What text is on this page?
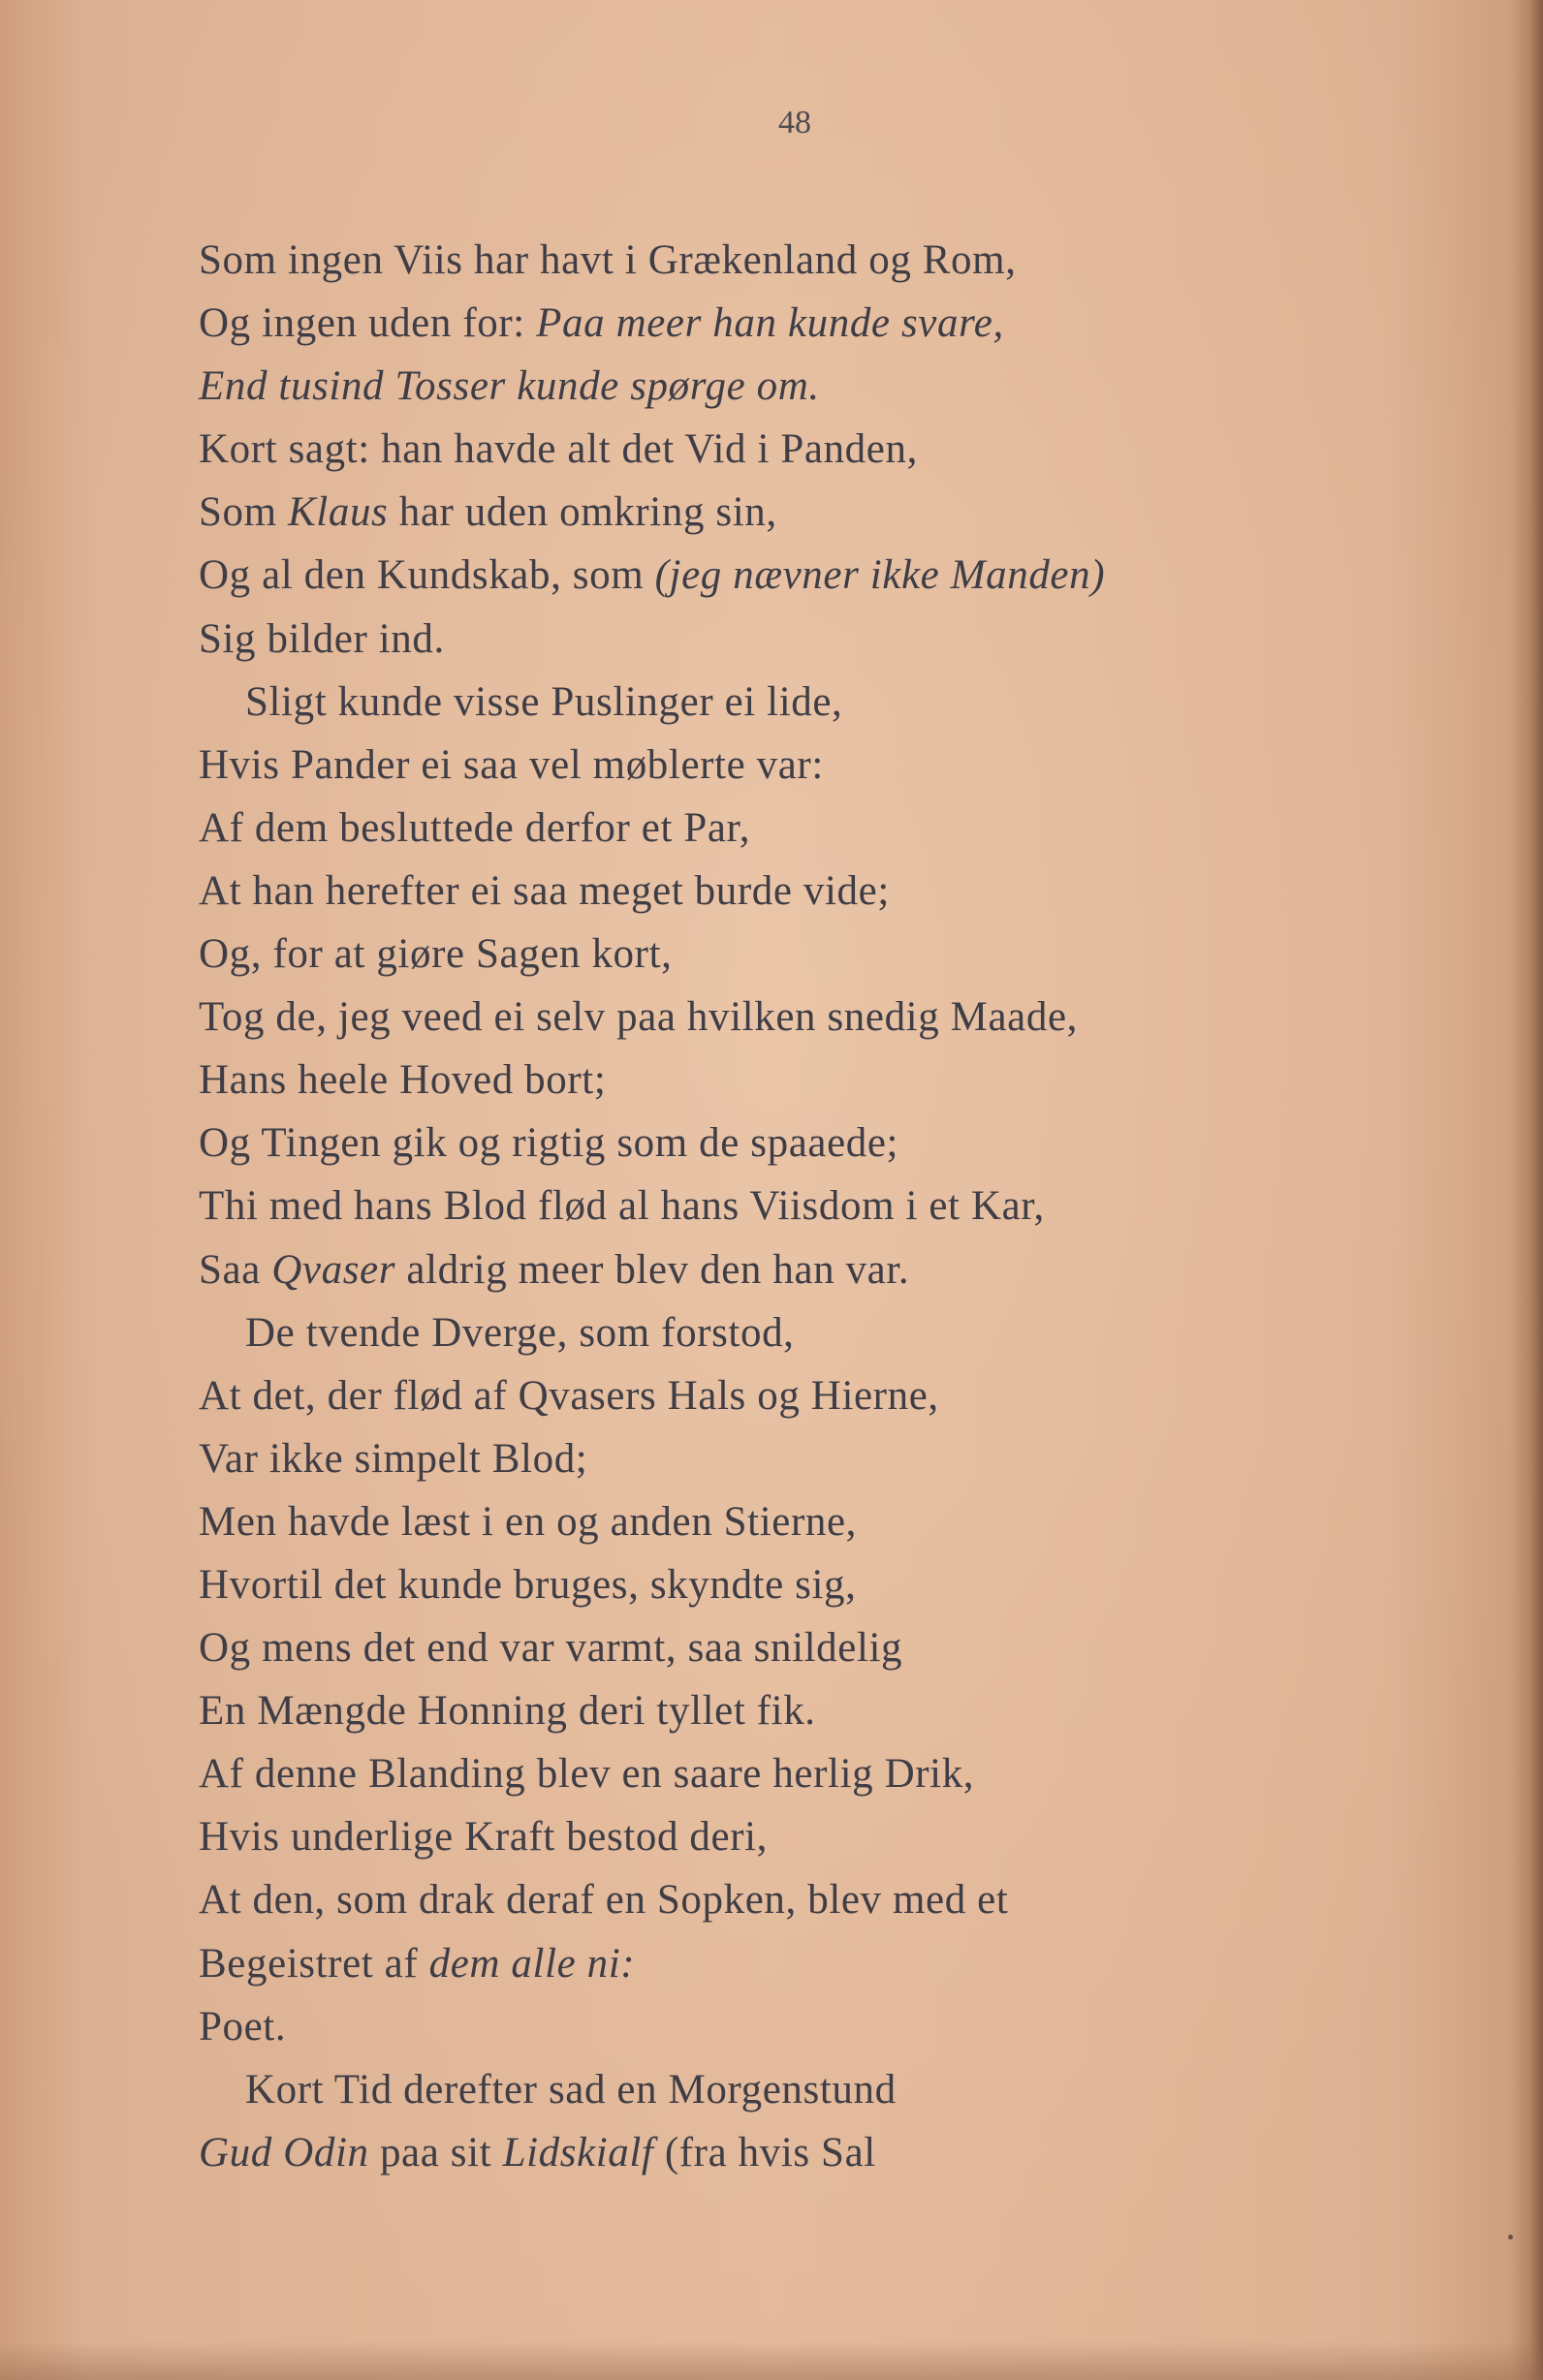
48
Som ingen Viis har havt i Grækenland og Rom,
Og ingen uden for: Paa meer han kunde svare,
End tusind Tosser kunde spørge om.
Kort sagt: han havde alt det Vid i Panden,
Som Klaus har uden omkring sin,
Og al den Kundskab, som (jeg nævner ikke Manden)
Sig bilder ind.
Sligt kunde visse Puslinger ei lide,
Hvis Pander ei saa vel møblerte var:
Af dem besluttede derfor et Par,
At han herefter ei saa meget burde vide;
Og, for at giøre Sagen kort,
Tog de, jeg veed ei selv paa hvilken snedig Maade,
Hans heele Hoved bort;
Og Tingen gik og rigtig som de spaaede;
Thi med hans Blod flød al hans Viisdom i et Kar,
Saa Qvaser aldrig meer blev den han var.
De tvende Dverge, som forstod,
At det, der flød af Qvasers Hals og Hierne,
Var ikke simpelt Blod;
Men havde læst i en og anden Stierne,
Hvortil det kunde bruges, skyndte sig,
Og mens det end var varmt, saa snildelig
En Mængde Honning deri tyllet fik.
Af denne Blanding blev en saare herlig Drik,
Hvis underlige Kraft bestod deri,
At den, som drak deraf en Sopken, blev med et
Begeistret af dem alle ni:
Poet.
Kort Tid derefter sad en Morgenstund
Gud Odin paa sit Lidskialf (fra hvis Sal
